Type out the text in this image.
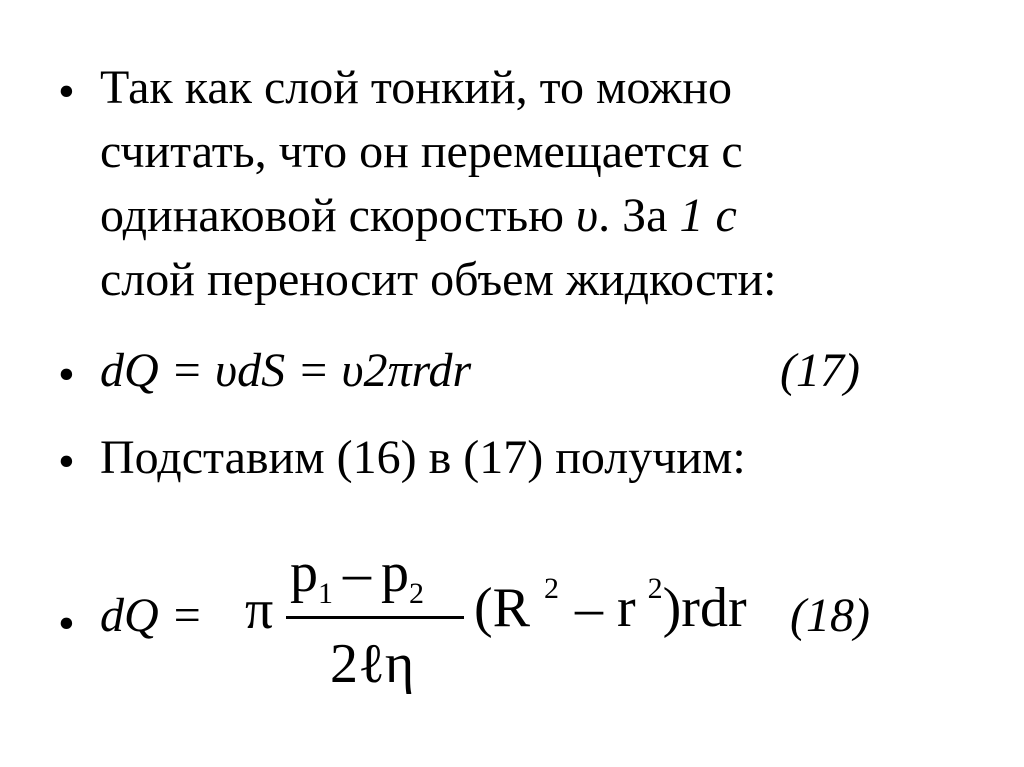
• Так как слой тонкий, то можно
считать, что он перемещается с
одинаковой скоростью υ. За 1 с
слой переносит объем жидкости:
• dQ = υdS = υ2πrdr	(17)
• Подставим (16) в (17) получим:
• dQ = π
$p_1 - p_2$
2ℓη
(R $^2$ – r $^2$)rdr (18)
